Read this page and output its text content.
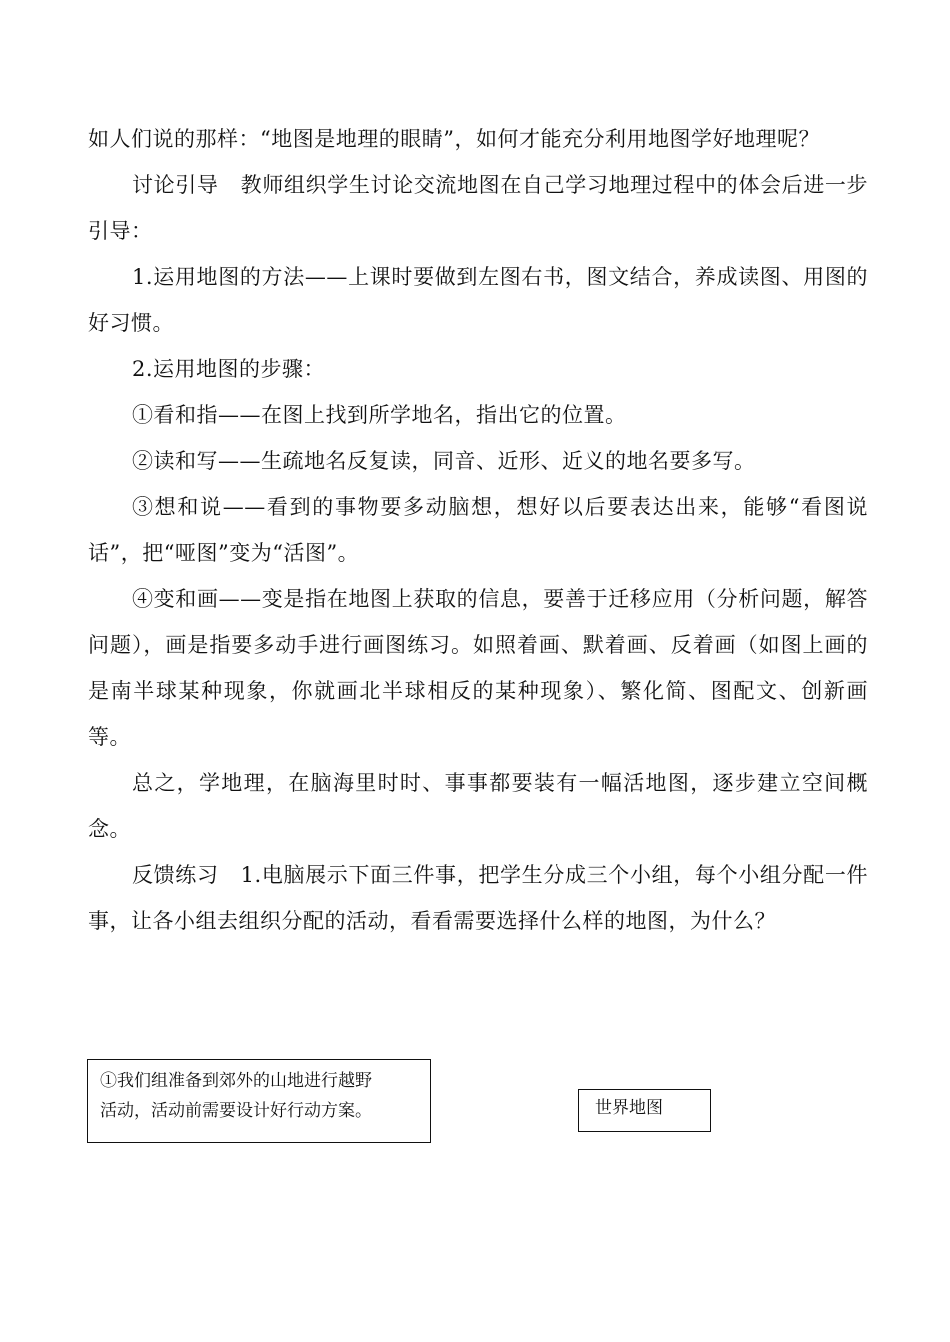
如人们说的那样：“地图是地理的眼睛”，如何才能充分利用地图学好地理呢？

讨论引导 教师组织学生讨论交流地图在自己学习地理过程中的体会后进一步引导：

1.运用地图的方法——上课时要做到左图右书，图文结合，养成读图、用图的好习惯。

2.运用地图的步骤：

①看和指——在图上找到所学地名，指出它的位置。

②读和写——生疏地名反复读，同音、近形、近义的地名要多写。

③想和说——看到的事物要多动脑想，想好以后要表达出来，能够“看图说话”，把“哑图”变为“活图”。

④变和画——变是指在地图上获取的信息，要善于迁移应用（分析问题，解答问题），画是指要多动手进行画图练习。如照着画、默着画、反着画（如图上画的是南半球某种现象，你就画北半球相反的某种现象）、繁化简、图配文、创新画等。

总之，学地理，在脑海里时时、事事都要装有一幅活地图，逐步建立空间概念。

反馈练习 1.电脑展示下面三件事，把学生分成三个小组，每个小组分配一件事，让各小组去组织分配的活动，看看需要选择什么样的地图，为什么？

①我们组准备到郊外的山地进行越野
活动，活动前需要设计好行动方案。	世界地图
